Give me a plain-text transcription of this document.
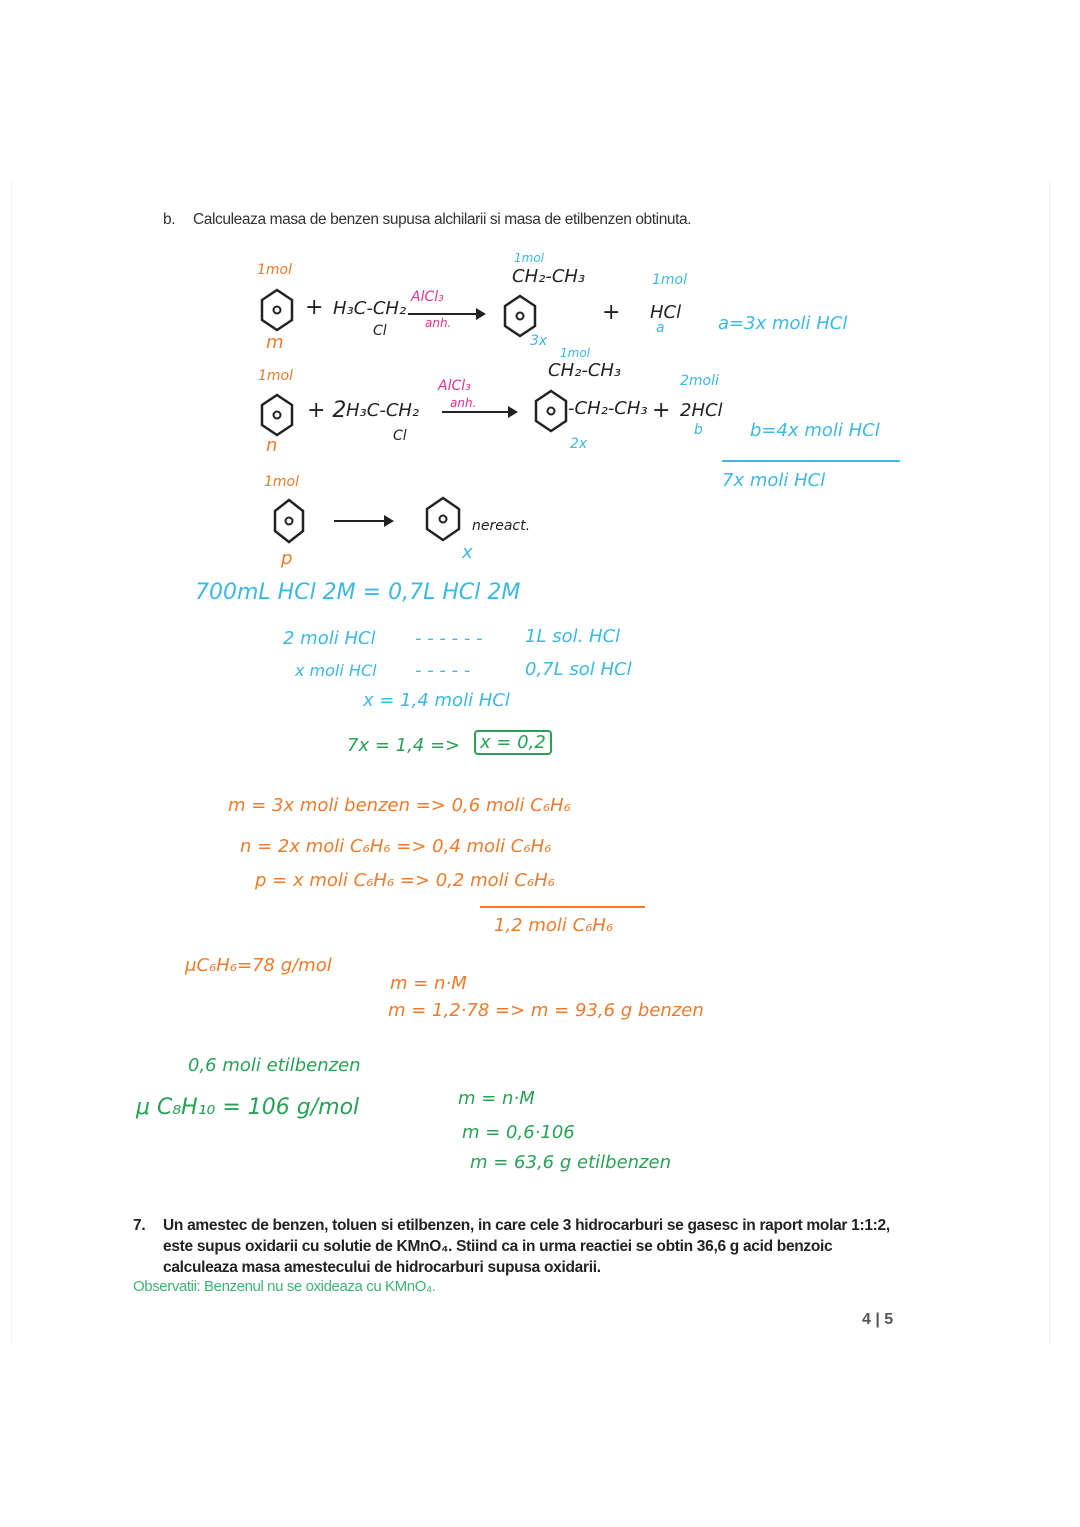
b. Calculeaza masa de benzen supusa alchilarii si masa de etilbenzen obtinuta.
1mol
m
+ H₃C-CH₂
Cl
AlCl₃
anh.
1mol
CH₂-CH₃
3x
+
1mol
HCl
a	a=3x moli HCl
1mol
n
+ 2 H₃C-CH₂
Cl
AlCl₃
anh.
1mol
CH₂-CH₃
-CH₂-CH₃
2x
+
2moli
2HCl
b	b=4x moli HCl
7x moli HCl
1mol
p
nereact.
x
700mL HCl 2M = 0,7L HCl 2M
2 moli HCl - - - - - - 1L sol. HCl
x moli HCl - - - - -	0,7L sol HCl
x = 1,4 moli HCl
7x = 1,4 =>	x = 0,2
m = 3x moli benzen => 0,6 moli C₆H₆
n = 2x moli C₆H₆ => 0,4 moli C₆H₆
p = x moli C₆H₆ => 0,2 moli C₆H₆
1,2 moli C₆H₆
μC₆H₆=78 g/mol
m = n·M
m = 1,2·78 => m = 93,6 g benzen
0,6 moli etilbenzen
μ C₈H₁₀ = 106 g/mol	m = n·M
m = 0,6·106
m = 63,6 g etilbenzen
7. Un amestec de benzen, toluen si etilbenzen, in care cele 3 hidrocarburi se gasesc in raport molar 1:1:2,
este supus oxidarii cu solutie de KMnO₄. Stiind ca in urma reactiei se obtin 36,6 g acid benzoic
calculeaza masa amestecului de hidrocarburi supusa oxidarii.
Observatii: Benzenul nu se oxideaza cu KMnO₄.
4 | 5
